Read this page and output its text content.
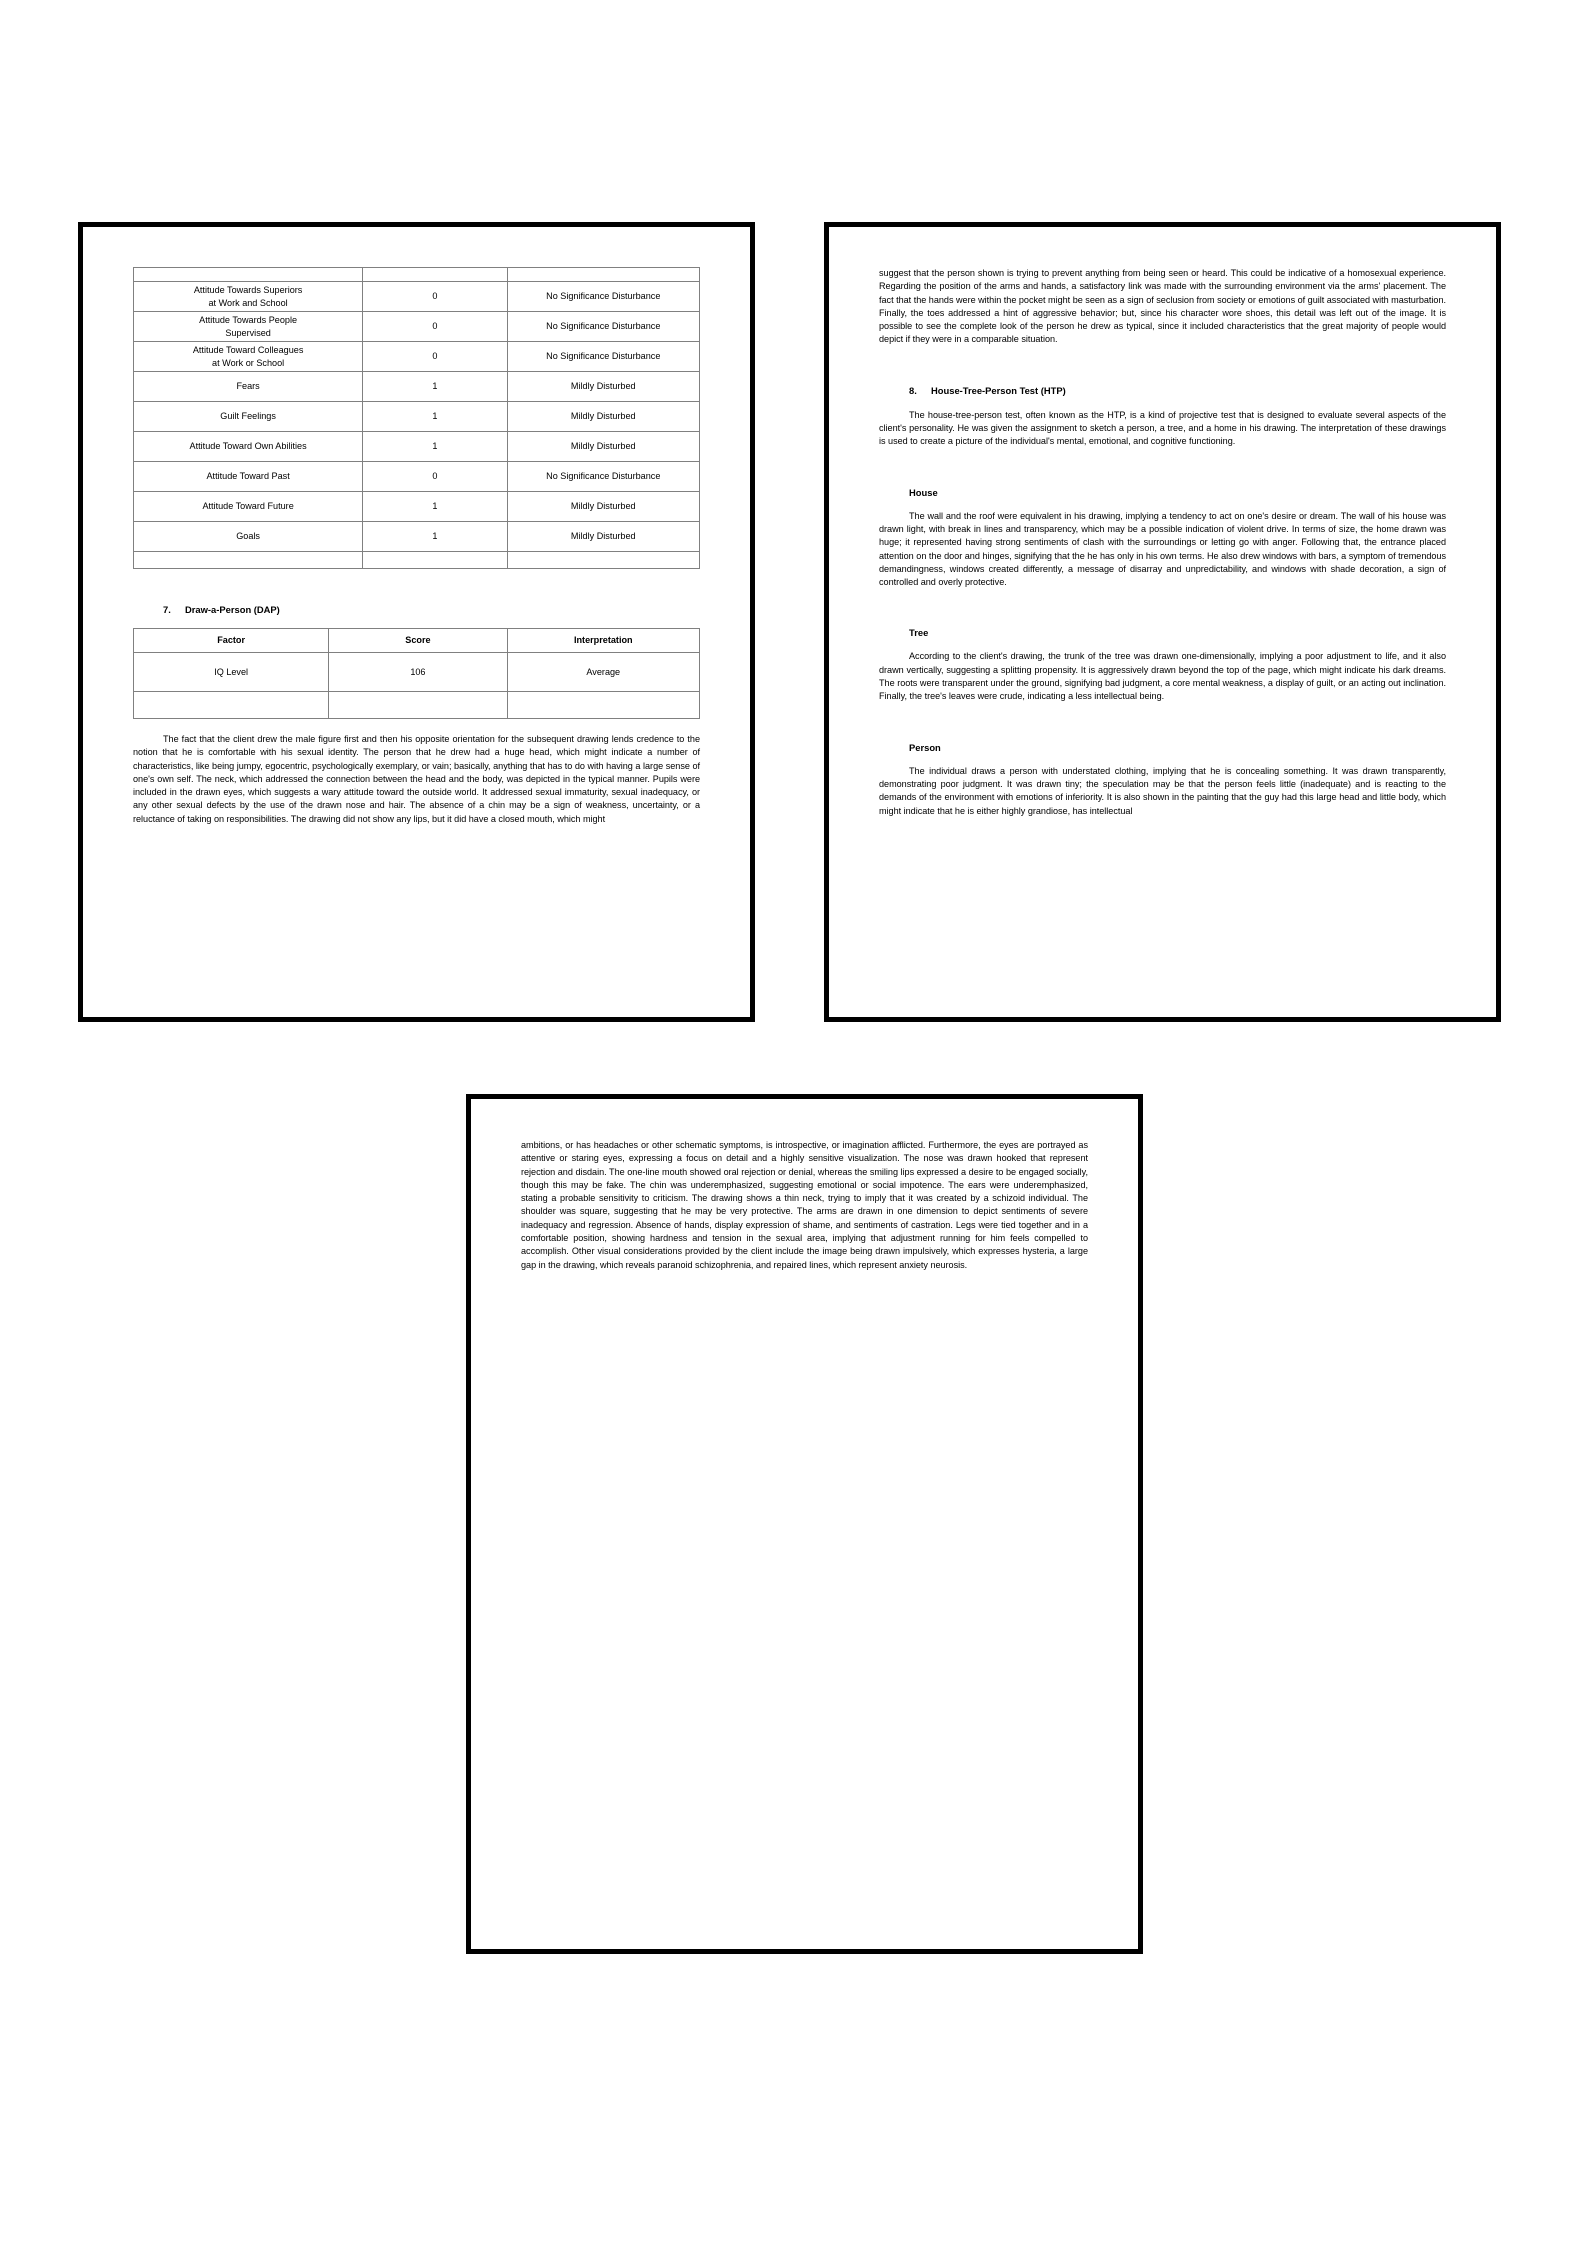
Attitude Towards Superiors
at Work and School	0	No Significance Disturbance
Attitude Towards People
Supervised	0	No Significance Disturbance
Attitude Toward Colleagues
at Work or School	0	No Significance Disturbance
Fears	1	Mildly Disturbed
Guilt Feelings	1	Mildly Disturbed
Attitude Toward Own Abilities	1	Mildly Disturbed
Attitude Toward Past	0	No Significance Disturbance
Attitude Toward Future	1	Mildly Disturbed
Goals	1	Mildly Disturbed

7. Draw-a-Person (DAP)
Factor	Score	Interpretation
IQ Level	106	Average

The fact that the client drew the male figure first and then his opposite orientation for the subsequent drawing lends credence to the notion that he is comfortable with his sexual identity. The person that he drew had a huge head, which might indicate a number of characteristics, like being jumpy, egocentric, psychologically exemplary, or vain; basically, anything that has to do with having a large sense of one's own self. The neck, which addressed the connection between the head and the body, was depicted in the typical manner. Pupils were included in the drawn eyes, which suggests a wary attitude toward the outside world. It addressed sexual immaturity, sexual inadequacy, or any other sexual defects by the use of the drawn nose and hair. The absence of a chin may be a sign of weakness, uncertainty, or a reluctance of taking on responsibilities. The drawing did not show any lips, but it did have a closed mouth, which might

suggest that the person shown is trying to prevent anything from being seen or heard. This could be indicative of a homosexual experience. Regarding the position of the arms and hands, a satisfactory link was made with the surrounding environment via the arms' placement. The fact that the hands were within the pocket might be seen as a sign of seclusion from society or emotions of guilt associated with masturbation. Finally, the toes addressed a hint of aggressive behavior; but, since his character wore shoes, this detail was left out of the image. It is possible to see the complete look of the person he drew as typical, since it included characteristics that the great majority of people would depict if they were in a comparable situation.

8. House-Tree-Person Test (HTP)

The house-tree-person test, often known as the HTP, is a kind of projective test that is designed to evaluate several aspects of the client's personality. He was given the assignment to sketch a person, a tree, and a home in his drawing. The interpretation of these drawings is used to create a picture of the individual's mental, emotional, and cognitive functioning.

House

The wall and the roof were equivalent in his drawing, implying a tendency to act on one's desire or dream. The wall of his house was drawn light, with break in lines and transparency, which may be a possible indication of violent drive. In terms of size, the home drawn was huge; it represented having strong sentiments of clash with the surroundings or letting go with anger. Following that, the entrance placed attention on the door and hinges, signifying that the he has only in his own terms. He also drew windows with bars, a symptom of tremendous demandingness, windows created differently, a message of disarray and unpredictability, and windows with shade decoration, a sign of controlled and overly protective.

Tree

According to the client's drawing, the trunk of the tree was drawn one-dimensionally, implying a poor adjustment to life, and it also drawn vertically, suggesting a splitting propensity. It is aggressively drawn beyond the top of the page, which might indicate his dark dreams. The roots were transparent under the ground, signifying bad judgment, a core mental weakness, a display of guilt, or an acting out inclination. Finally, the tree's leaves were crude, indicating a less intellectual being.

Person

The individual draws a person with understated clothing, implying that he is concealing something. It was drawn transparently, demonstrating poor judgment. It was drawn tiny; the speculation may be that the person feels little (inadequate) and is reacting to the demands of the environment with emotions of inferiority. It is also shown in the painting that the guy had this large head and little body, which might indicate that he is either highly grandiose, has intellectual

ambitions, or has headaches or other schematic symptoms, is introspective, or imagination afflicted. Furthermore, the eyes are portrayed as attentive or staring eyes, expressing a focus on detail and a highly sensitive visualization. The nose was drawn hooked that represent rejection and disdain. The one-line mouth showed oral rejection or denial, whereas the smiling lips expressed a desire to be engaged socially, though this may be fake. The chin was underemphasized, suggesting emotional or social impotence. The ears were underemphasized, stating a probable sensitivity to criticism. The drawing shows a thin neck, trying to imply that it was created by a schizoid individual. The shoulder was square, suggesting that he may be very protective. The arms are drawn in one dimension to depict sentiments of severe inadequacy and regression. Absence of hands, display expression of shame, and sentiments of castration. Legs were tied together and in a comfortable position, showing hardness and tension in the sexual area, implying that adjustment running for him feels compelled to accomplish. Other visual considerations provided by the client include the image being drawn impulsively, which expresses hysteria, a large gap in the drawing, which reveals paranoid schizophrenia, and repaired lines, which represent anxiety neurosis.
